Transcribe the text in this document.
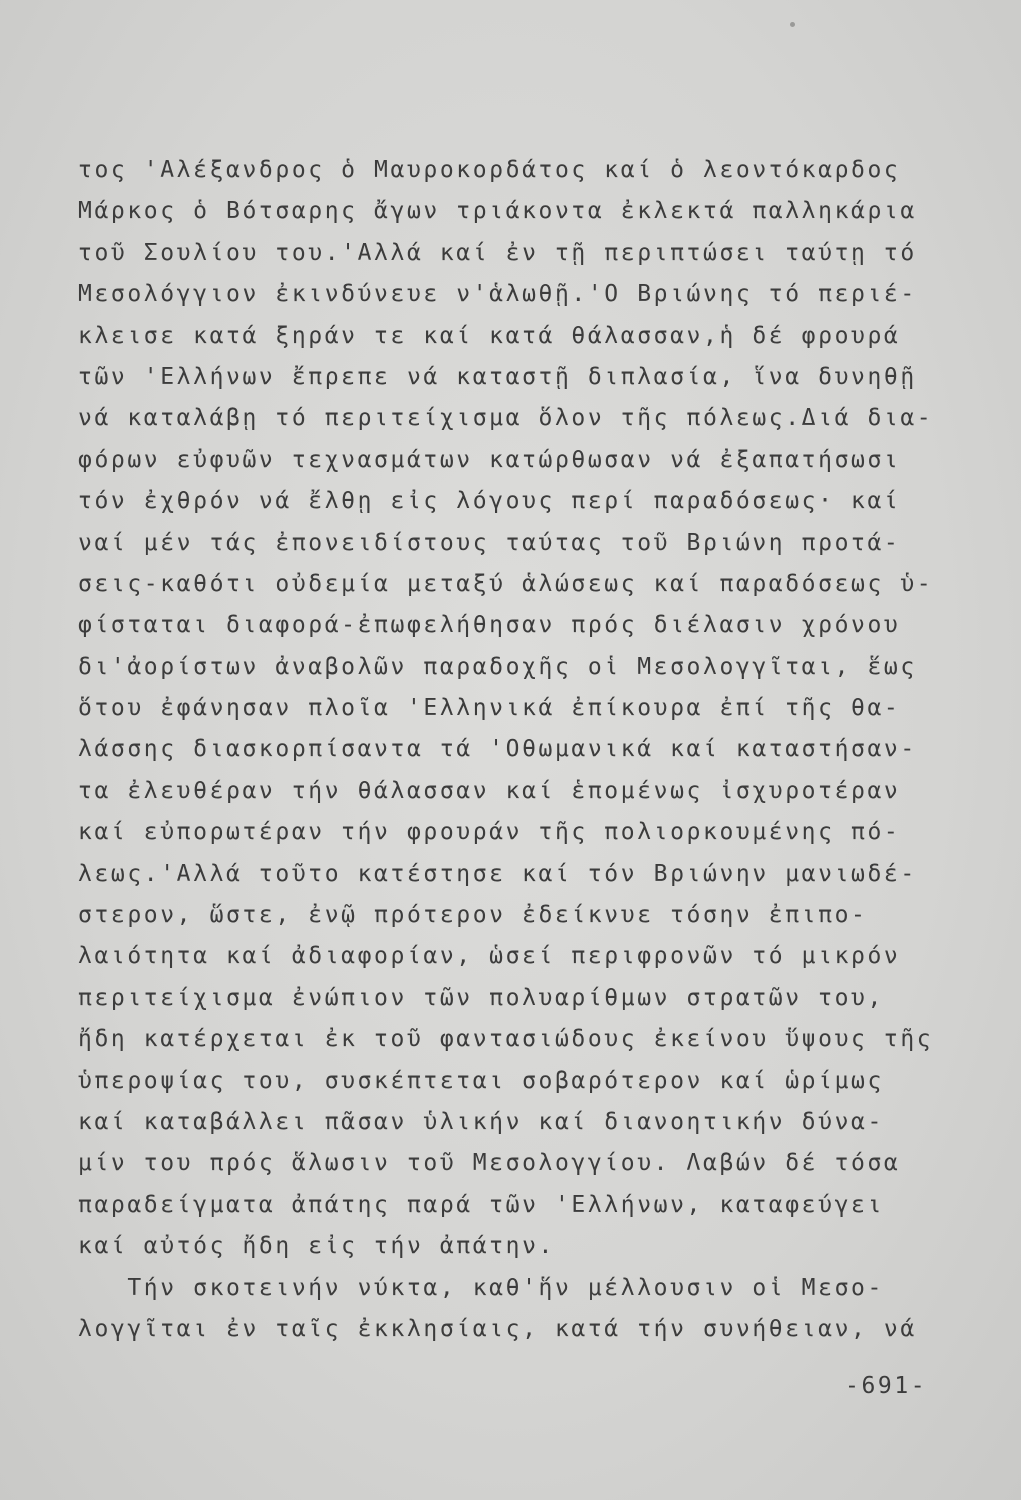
τος 'Αλέξανδρος ὁ Μαυροκορδάτος καί ὁ λεοντόκαρδος
Μάρκος ὁ Βότσαρης ἄγων τριάκοντα ἐκλεκτά παλληκάρια
τοῦ Σουλίου του.'Αλλά καί ἐν τῇ περιπτώσει ταύτῃ τό
Μεσολόγγιον ἐκινδύνευε ν'ἁλωθῇ.'Ο Βριώνης τό περιέ-
κλεισε κατά ξηράν τε καί κατά θάλασσαν,ἡ δέ φρουρά
τῶν 'Ελλήνων ἔπρεπε νά καταστῇ διπλασία, ἵνα δυνηθῇ
νά καταλάβῃ τό περιτείχισμα ὅλον τῆς πόλεως.Διά δια-
φόρων εὐφυῶν τεχνασμάτων κατώρθωσαν νά ἐξαπατήσωσι
τόν ἐχθρόν νά ἔλθῃ εἰς λόγους περί παραδόσεως· καί
ναί μέν τάς ἐπονειδίστους ταύτας τοῦ Βριώνη προτά-
σεις-καθότι οὐδεμία μεταξύ ἁλώσεως καί παραδόσεως ὑ-
φίσταται διαφορά-ἐπωφελήθησαν πρός διέλασιν χρόνου
δι'ἀορίστων ἀναβολῶν παραδοχῆς οἱ Μεσολογγῖται, ἕως
ὅτου ἐφάνησαν πλοῖα 'Ελληνικά ἐπίκουρα ἐπί τῆς θα-
λάσσης διασκορπίσαντα τά 'Οθωμανικά καί καταστήσαν-
τα ἐλευθέραν τήν θάλασσαν καί ἑπομένως ἰσχυροτέραν
καί εὐπορωτέραν τήν φρουράν τῆς πολιορκουμένης πό-
λεως.'Αλλά τοῦτο κατέστησε καί τόν Βριώνην μανιωδέ-
στερον, ὥστε, ἐνῷ πρότερον ἐδείκνυε τόσην ἐπιπο-
λαιότητα καί ἀδιαφορίαν, ὡσεί περιφρονῶν τό μικρόν
περιτείχισμα ἐνώπιον τῶν πολυαρίθμων στρατῶν του,
ἤδη κατέρχεται ἐκ τοῦ φαντασιώδους ἐκείνου ὕψους τῆς
ὑπεροψίας του, συσκέπτεται σοβαρότερον καί ὡρίμως
καί καταβάλλει πᾶσαν ὑλικήν καί διανοητικήν δύνα-
μίν του πρός ἅλωσιν τοῦ Μεσολογγίου. Λαβών δέ τόσα
παραδείγματα ἀπάτης παρά τῶν 'Ελλήνων, καταφεύγει
καί αὐτός ἤδη εἰς τήν ἀπάτην.
Τήν σκοτεινήν νύκτα, καθ'ἥν μέλλουσιν οἱ Μεσο-
λογγῖται ἐν ταῖς ἐκκλησίαις, κατά τήν συνήθειαν, νά
-691-
